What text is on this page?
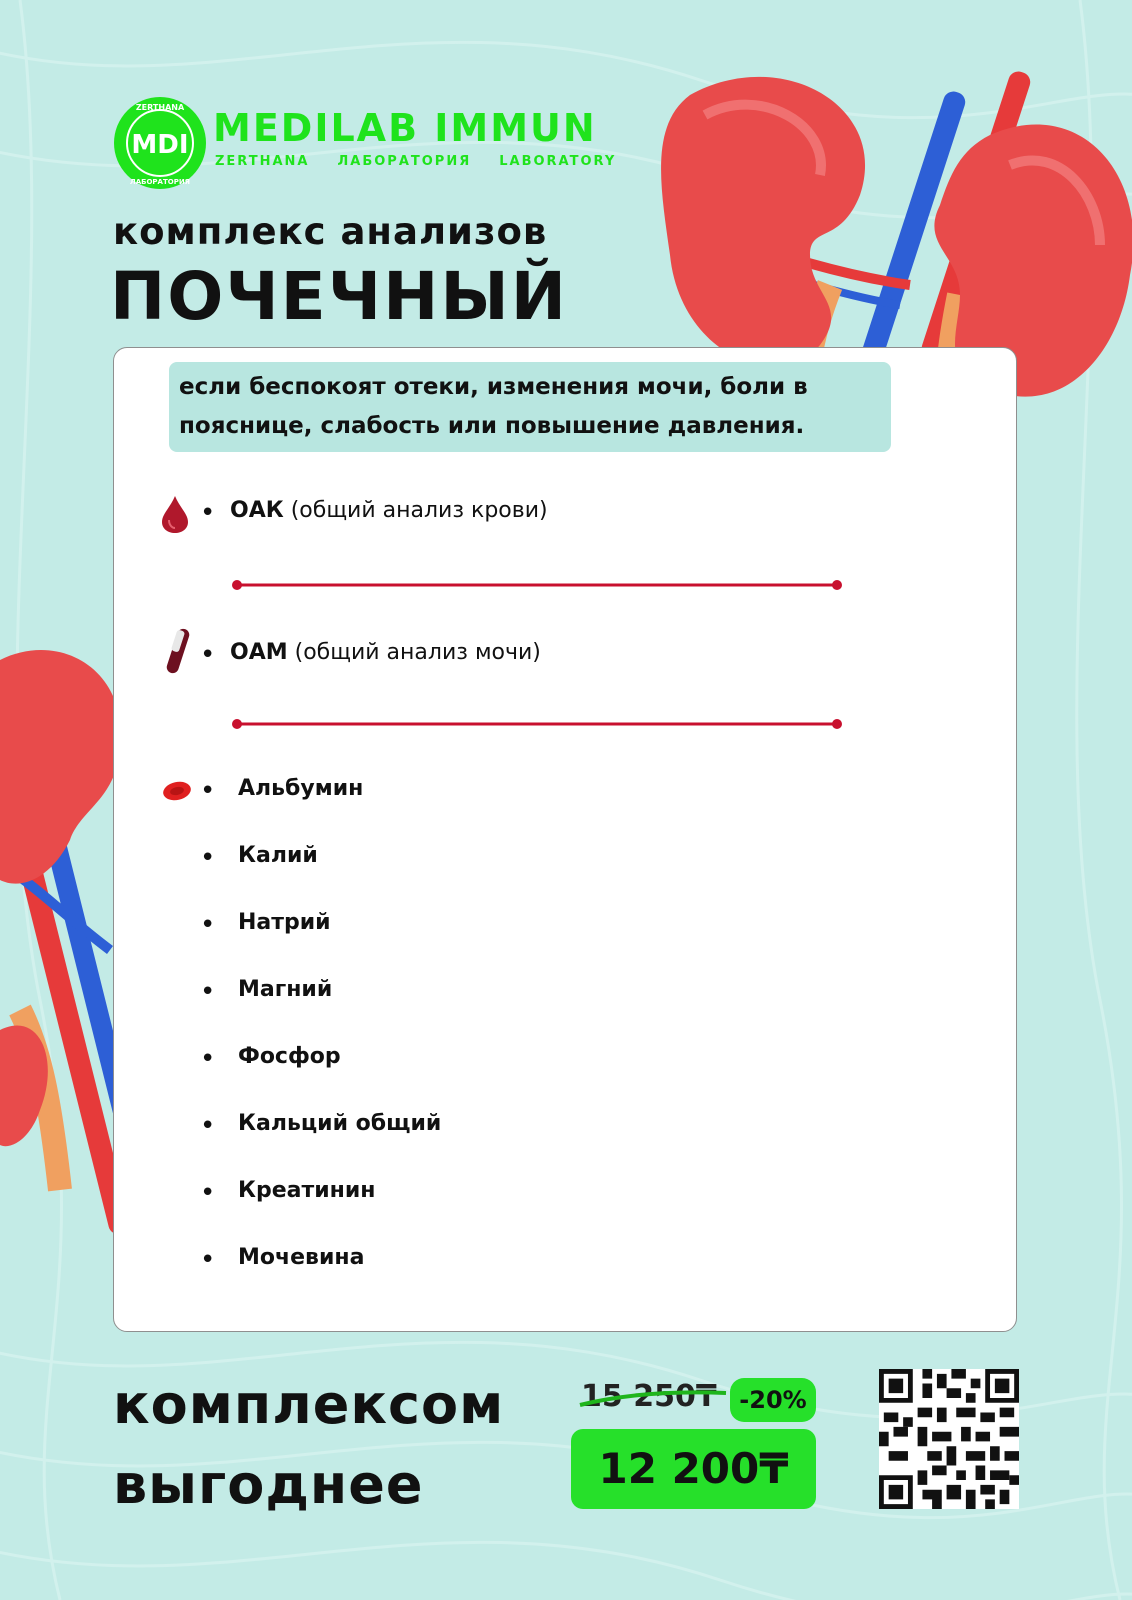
MDI
ZERTHANA
ЛАБОРАТОРИЯ
MEDILAB IMMUN
ZERTHANA ЛАБОРАТОРИЯ LABORATORY
комплекс анализов
ПОЧЕЧНЫЙ
если беспокоят отеки, изменения мочи, боли в пояснице, слабость или повышение давления.
• ОАК (общий анализ крови)
• ОАМ (общий анализ мочи)
• Альбумин
• Калий
• Натрий
• Магний
• Фосфор
• Кальций общий
• Креатинин
• Мочевина
комплексом
выгоднее
15 250₸ -20%
12 200₸
